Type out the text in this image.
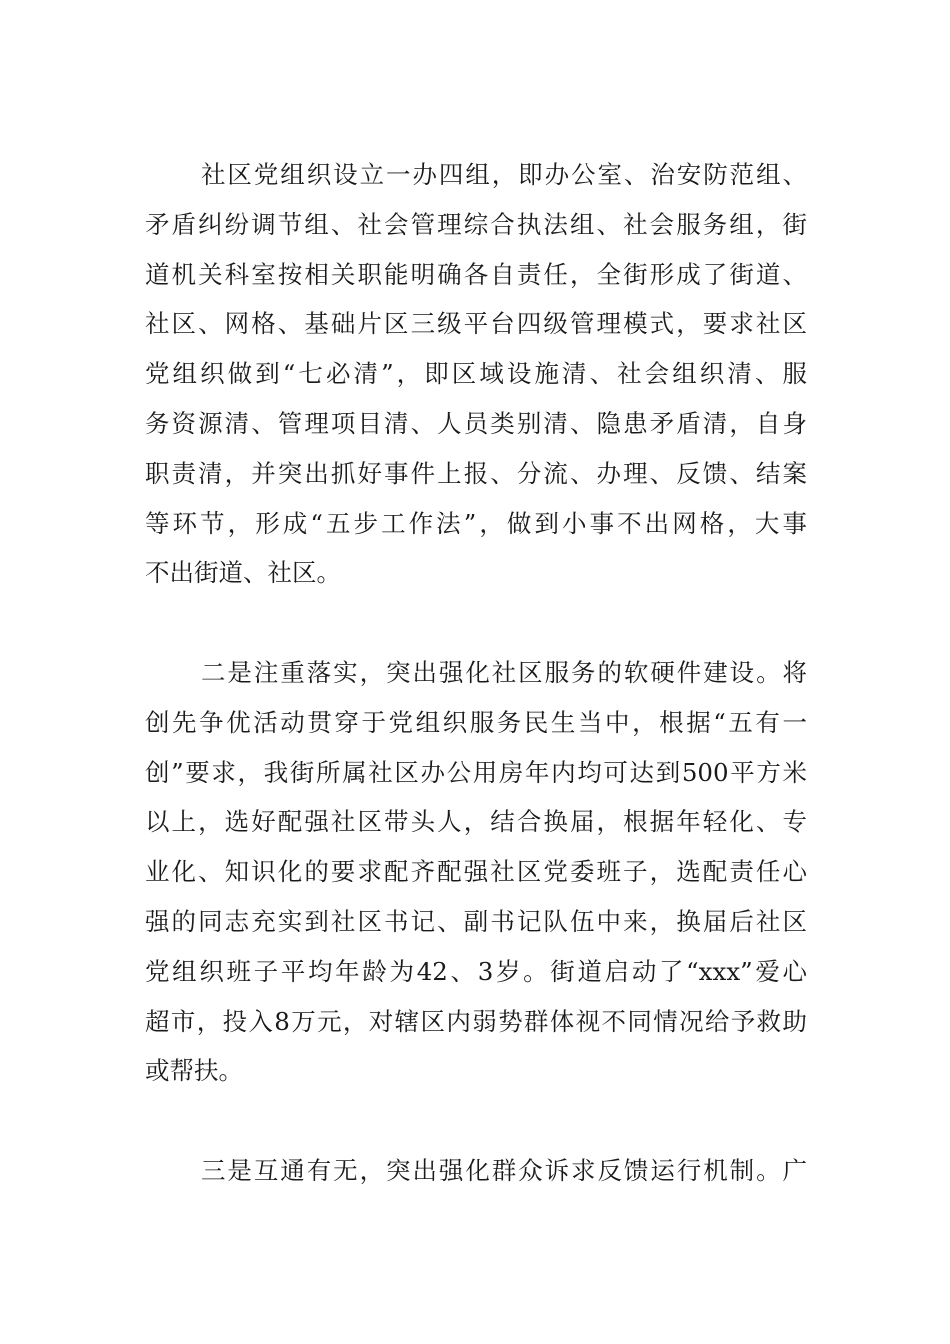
社区党组织设立一办四组，即办公室、治安防范组、
矛盾纠纷调节组、社会管理综合执法组、社会服务组，街
道机关科室按相关职能明确各自责任，全街形成了街道、
社区、网格、基础片区三级平台四级管理模式，要求社区
党组织做到“七必清”，即区域设施清、社会组织清、服
务资源清、管理项目清、人员类别清、隐患矛盾清，自身
职责清，并突出抓好事件上报、分流、办理、反馈、结案
等环节，形成“五步工作法”，做到小事不出网格，大事
不出街道、社区。
二是注重落实，突出强化社区服务的软硬件建设。将
创先争优活动贯穿于党组织服务民生当中，根据“五有一
创”要求，我街所属社区办公用房年内均可达到500平方米
以上，选好配强社区带头人，结合换届，根据年轻化、专
业化、知识化的要求配齐配强社区党委班子，选配责任心
强的同志充实到社区书记、副书记队伍中来，换届后社区
党组织班子平均年龄为42、3岁。街道启动了“xxx”爱心
超市，投入8万元，对辖区内弱势群体视不同情况给予救助
或帮扶。
三是互通有无，突出强化群众诉求反馈运行机制。广
